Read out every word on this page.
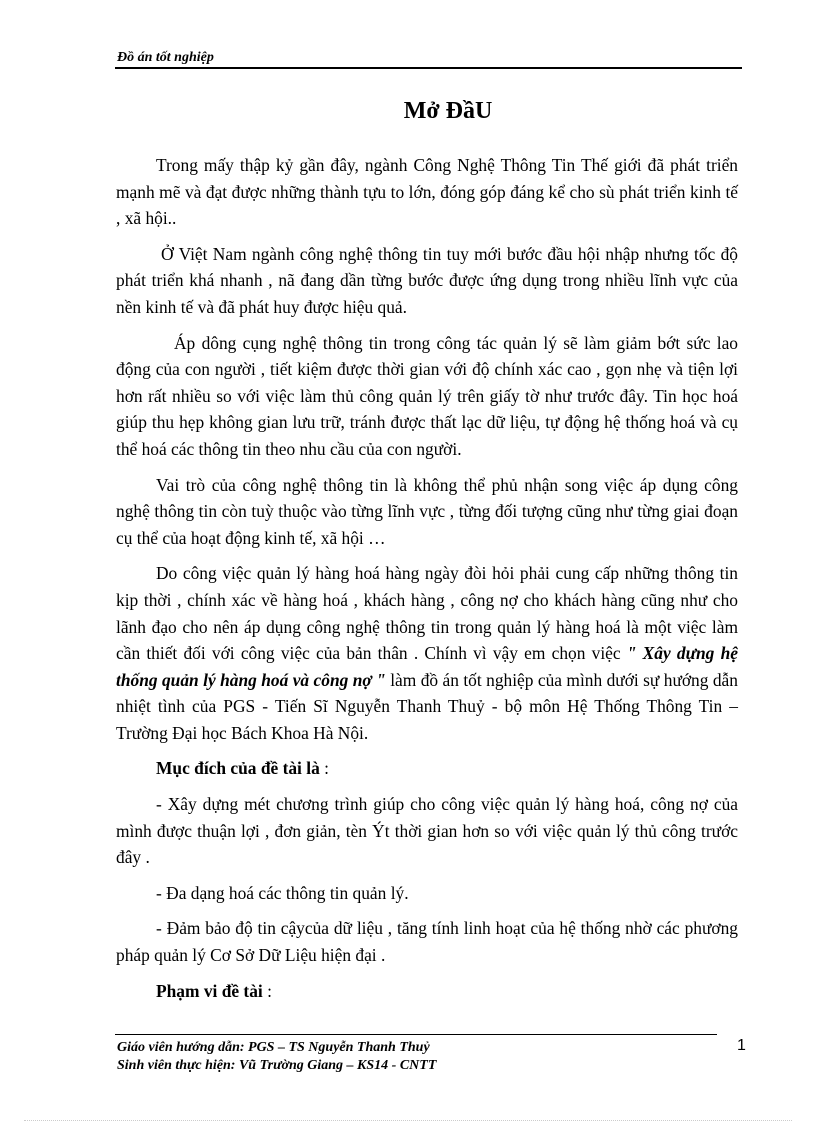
Đồ án tốt nghiệp
Mở ĐầU

Trong mấy thập kỷ gần đây, ngành Công Nghệ Thông Tin Thế giới đã phát triển mạnh mẽ và đạt được những thành tựu to lớn, đóng góp đáng kể cho sù phát triển kinh tế , xã hội..

Ở Việt Nam ngành công nghệ thông tin tuy mới bước đầu hội nhập nhưng tốc độ phát triển khá nhanh , nã đang dần từng bước được ứng dụng trong nhiều lĩnh vực của nền kinh tế và đã phát huy được hiệu quả.

Áp dông cụng nghệ thông tin trong công tác quản lý sẽ làm giảm bớt sức lao động của con người , tiết kiệm được thời gian với độ chính xác cao , gọn nhẹ và tiện lợi hơn rất nhiều so với việc làm thủ công quản lý trên giấy tờ như trước đây. Tin học hoá giúp thu hẹp không gian lưu trữ, tránh được thất lạc dữ liệu, tự động hệ thống hoá và cụ thể hoá các thông tin theo nhu cầu của con người.

Vai trò của công nghệ thông tin là không thể phủ nhận song việc áp dụng công nghệ thông tin còn tuỳ thuộc vào từng lĩnh vực , từng đối tượng cũng như từng giai đoạn cụ thể của hoạt động kinh tế, xã hội …

Do công việc quản lý hàng hoá hàng ngày đòi hỏi phải cung cấp những thông tin kịp thời , chính xác về hàng hoá , khách hàng , công nợ cho khách hàng cũng như cho lãnh đạo cho nên áp dụng công nghệ thông tin trong quản lý hàng hoá là một việc làm cần thiết đối với công việc của bản thân . Chính vì vậy em chọn việc " Xây dựng hệ thống quản lý hàng hoá và công nợ " làm đồ án tốt nghiệp của mình dưới sự hướng dẫn nhiệt tình của PGS - Tiến Sĩ Nguyễn Thanh Thuỷ - bộ môn Hệ Thống Thông Tin –Trường Đại học Bách Khoa Hà Nội.

Mục đích của đề tài là :

- Xây dựng mét chương trình giúp cho công việc quản lý hàng hoá, công nợ của mình được thuận lợi , đơn giản, tèn Ýt thời gian hơn so với việc quản lý thủ công trước đây .

- Đa dạng hoá các thông tin quản lý.

- Đảm bảo độ tin cậycủa dữ liệu , tăng tính linh hoạt của hệ thống nhờ các phương pháp quản lý Cơ Sở Dữ Liệu hiện đại .

Phạm vi đề tài :

Giáo viên hướng dẫn: PGS – TS Nguyễn Thanh Thuỷ
Sinh viên thực hiện: Vũ Trường Giang – KS14 - CNTT
1
